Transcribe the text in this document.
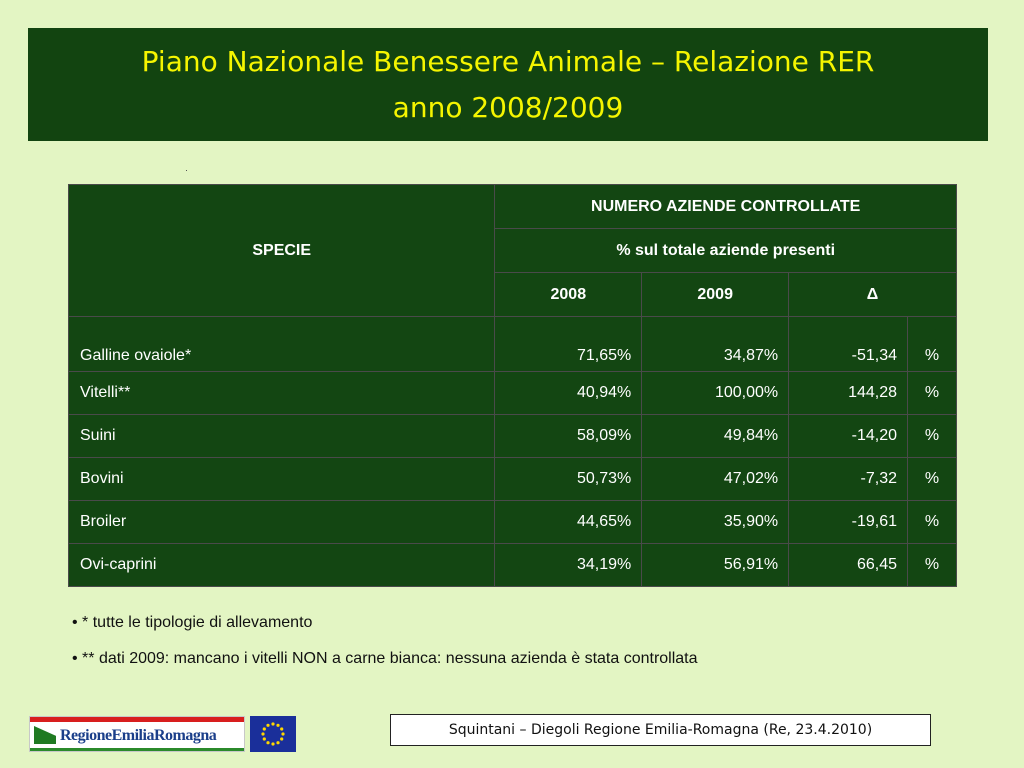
Piano Nazionale Benessere Animale – Relazione RER
anno 2008/2009
SPECIE	NUMERO AZIENDE CONTROLLATE			
	% sul totale aziende presenti			
	2008	2009	Δ	
Galline ovaiole*	71,65%	34,87%	-51,34	%
Vitelli**	40,94%	100,00%	144,28	%
Suini	58,09%	49,84%	-14,20	%
Bovini	50,73%	47,02%	-7,32	%
Broiler	44,65%	35,90%	-19,61	%
Ovi-caprini	34,19%	56,91%	66,45	%
• * tutte le tipologie di allevamento
• ** dati 2009: mancano i vitelli NON a carne bianca: nessuna azienda è stata controllata
RegioneEmiliaRomagna	Squintani – Diegoli Regione Emilia-Romagna (Re, 23.4.2010)
